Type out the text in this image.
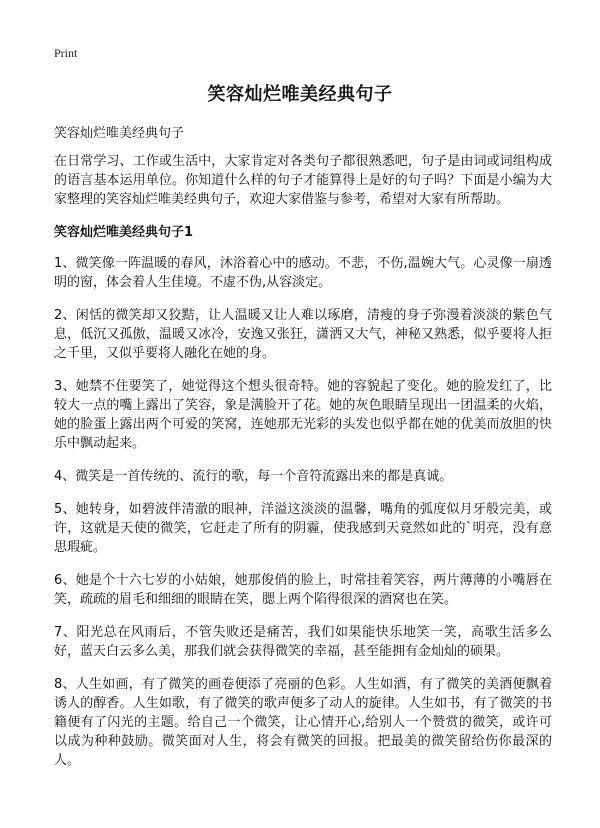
Print
笑容灿烂唯美经典句子

笑容灿烂唯美经典句子

在日常学习、工作或生活中，大家肯定对各类句子都很熟悉吧，句子是由词或词组构成的语言基本运用单位。你知道什么样的句子才能算得上是好的句子吗？下面是小编为大家整理的笑容灿烂唯美经典句子，欢迎大家借鉴与参考，希望对大家有所帮助。

笑容灿烂唯美经典句子1

1、微笑像一阵温暖的春风，沐浴着心中的感动。不悲，不伤,温婉大气。心灵像一扇透明的窗，体会着人生佳境。不虚不伪,从容淡定。

2、闲恬的微笑却又狡黠，让人温暖又让人难以琢磨，清瘦的身子弥漫着淡淡的紫色气息，低沉又孤傲，温暖又冰冷，安逸又张狂，潇洒又大气，神秘又熟悉，似乎要将人拒之千里，又似乎要将人融化在她的身。

3、她禁不住要笑了，她觉得这个想头很奇特。她的容貌起了变化。她的脸发红了，比较大一点的嘴上露出了笑容，象是满脸开了花。她的灰色眼睛呈现出一团温柔的火焰，她的脸蛋上露出两个可爱的笑窝，连她那无光彩的头发也似乎都在她的优美而放胆的快乐中飘动起来。

4、微笑是一首传统的、流行的歌，每一个音符流露出来的都是真诚。

5、她转身，如碧波伴清澈的眼神，洋溢这淡淡的温馨，嘴角的弧度似月牙般完美，或许，这就是天使的微笑，它赶走了所有的阴霾，使我感到天竟然如此的`明亮，没有意思瑕疵。

6、她是个十六七岁的小姑娘，她那俊俏的脸上，时常挂着笑容，两片薄薄的小嘴唇在笑，疏疏的眉毛和细细的眼睛在笑，腮上两个陷得很深的酒窝也在笑。

7、阳光总在风雨后，不管失败还是痛苦，我们如果能快乐地笑一笑，高歌生活多么好，蓝天白云多么美，那我们就会获得微笑的幸福，甚至能拥有金灿灿的硕果。

8、人生如画，有了微笑的画卷便添了亮丽的色彩。人生如酒，有了微笑的美酒便飘着诱人的醇香。人生如歌，有了微笑的歌声便多了动人的旋律。人生如书，有了微笑的书籍便有了闪光的主题。给自己一个微笑，让心情开心,给别人一个赞赏的微笑，或许可以成为种种鼓励。微笑面对人生，将会有微笑的回报。把最美的微笑留给伤你最深的人。
